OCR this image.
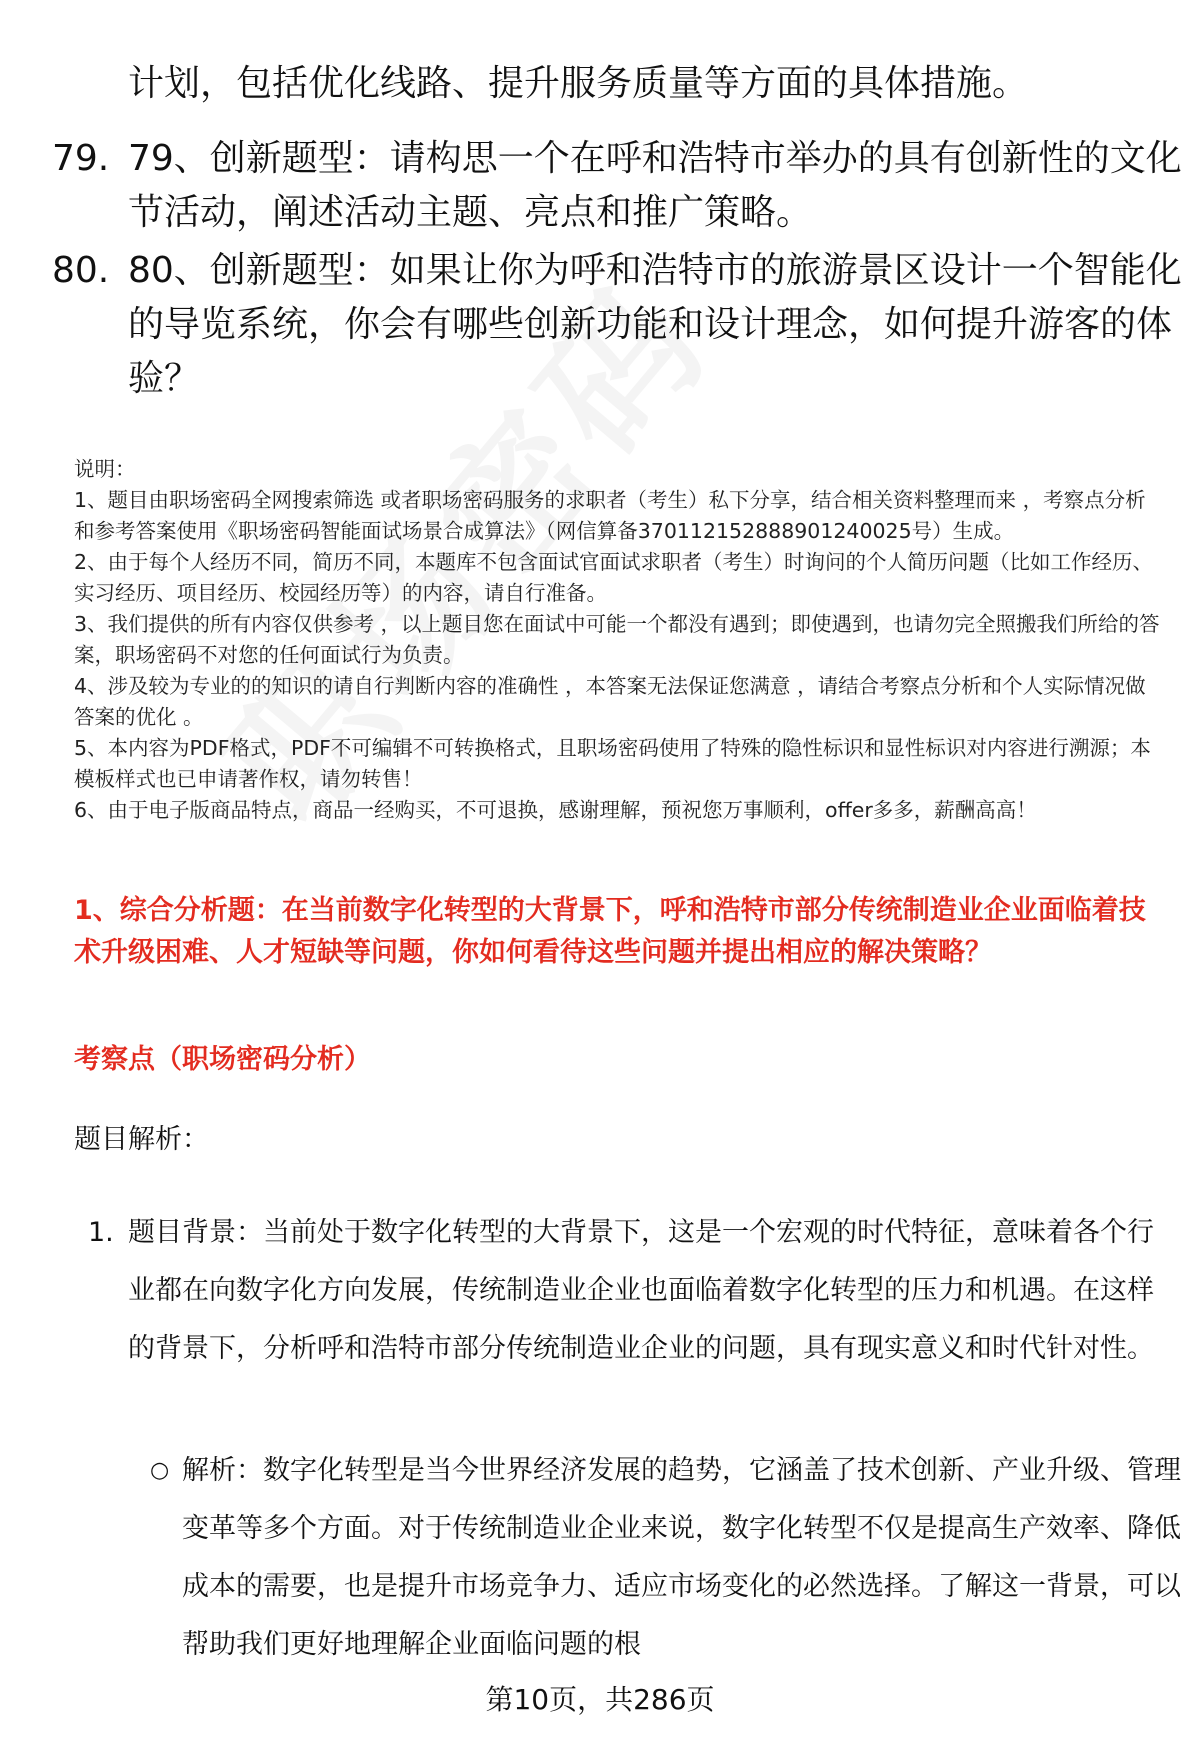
计划，包括优化线路、提升服务质量等方面的具体措施。
79. 79、创新题型：请构思一个在呼和浩特市举办的具有创新性的文化节活动，阐述活动主题、亮点和推广策略。
80. 80、创新题型：如果让你为呼和浩特市的旅游景区设计一个智能化的导览系统，你会有哪些创新功能和设计理念，如何提升游客的体验？
说明：
1、题目由职场密码全网搜索筛选 或者职场密码服务的求职者（考生）私下分享，结合相关资料整理而来 ，考察点分析和参考答案使用《职场密码智能面试场景合成算法》（网信算备370112152888901240025号）生成。
2、由于每个人经历不同，简历不同，本题库不包含面试官面试求职者（考生）时询问的个人简历问题（比如工作经历、实习经历、项目经历、校园经历等）的内容，请自行准备。
3、我们提供的所有内容仅供参考 ，以上题目您在面试中可能一个都没有遇到；即使遇到，也请勿完全照搬我们所给的答案，职场密码不对您的任何面试行为负责。
4、涉及较为专业的的知识的请自行判断内容的准确性 ，本答案无法保证您满意 ，请结合考察点分析和个人实际情况做答案的优化 。
5、本内容为PDF格式，PDF不可编辑不可转换格式，且职场密码使用了特殊的隐性标识和显性标识对内容进行溯源；本模板样式也已申请著作权，请勿转售！
6、由于电子版商品特点，商品一经购买，不可退换，感谢理解，预祝您万事顺利，offer多多，薪酬高高！
1、综合分析题：在当前数字化转型的大背景下，呼和浩特市部分传统制造业企业面临着技术升级困难、人才短缺等问题，你如何看待这些问题并提出相应的解决策略？
考察点（职场密码分析）
题目解析：
1. 题目背景：当前处于数字化转型的大背景下，这是一个宏观的时代特征，意味着各个行业都在向数字化方向发展，传统制造业企业也面临着数字化转型的压力和机遇。在这样的背景下，分析呼和浩特市部分传统制造业企业的问题，具有现实意义和时代针对性。
○ 解析：数字化转型是当今世界经济发展的趋势，它涵盖了技术创新、产业升级、管理变革等多个方面。对于传统制造业企业来说，数字化转型不仅是提高生产效率、降低成本的需要，也是提升市场竞争力、适应市场变化的必然选择。了解这一背景，可以帮助我们更好地理解企业面临问题的根
第10页，共286页
